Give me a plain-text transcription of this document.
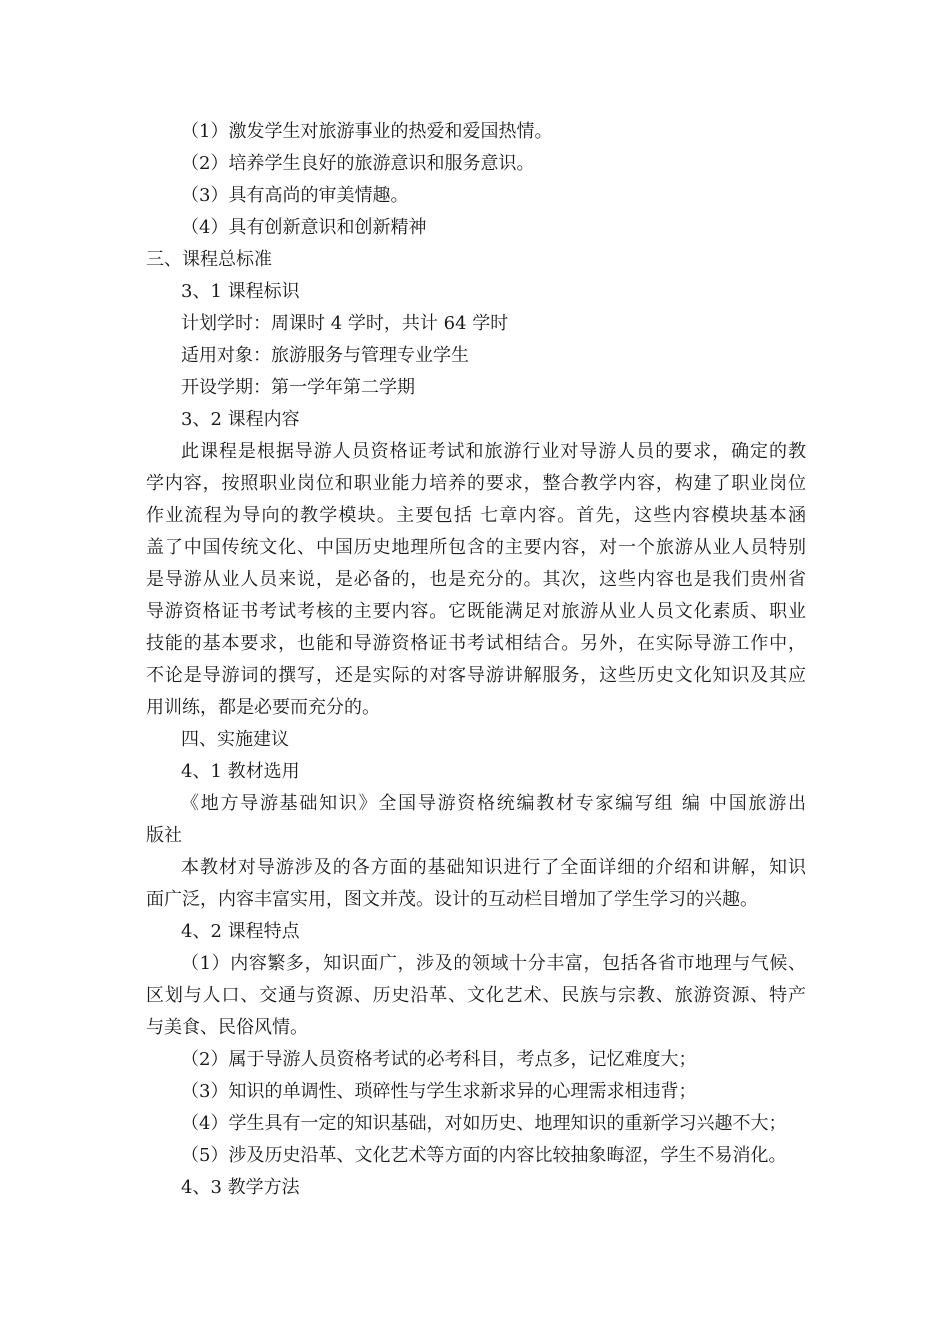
（1）激发学生对旅游事业的热爱和爱国热情。
（2）培养学生良好的旅游意识和服务意识。
（3）具有高尚的审美情趣。
（4）具有创新意识和创新精神
三、课程总标准
3、1 课程标识
计划学时：周课时 4 学时，共计 64 学时
适用对象：旅游服务与管理专业学生
开设学期：第一学年第二学期
3、2 课程内容
此课程是根据导游人员资格证考试和旅游行业对导游人员的要求，确定的教
学内容，按照职业岗位和职业能力培养的要求，整合教学内容，构建了职业岗位
作业流程为导向的教学模块。主要包括 七章内容。首先，这些内容模块基本涵
盖了中国传统文化、中国历史地理所包含的主要内容，对一个旅游从业人员特别
是导游从业人员来说，是必备的，也是充分的。其次，这些内容也是我们贵州省
导游资格证书考试考核的主要内容。它既能满足对旅游从业人员文化素质、职业
技能的基本要求，也能和导游资格证书考试相结合。另外，在实际导游工作中，
不论是导游词的撰写，还是实际的对客导游讲解服务，这些历史文化知识及其应
用训练，都是必要而充分的。
四、实施建议
4、1 教材选用
《地方导游基础知识》全国导游资格统编教材专家编写组 编 中国旅游出
版社
本教材对导游涉及的各方面的基础知识进行了全面详细的介绍和讲解，知识
面广泛，内容丰富实用，图文并茂。设计的互动栏目增加了学生学习的兴趣。
4、2 课程特点
（1）内容繁多，知识面广，涉及的领域十分丰富，包括各省市地理与气候、
区划与人口、交通与资源、历史沿革、文化艺术、民族与宗教、旅游资源、特产
与美食、民俗风情。
（2）属于导游人员资格考试的必考科目，考点多，记忆难度大；
（3）知识的单调性、琐碎性与学生求新求异的心理需求相违背；
（4）学生具有一定的知识基础，对如历史、地理知识的重新学习兴趣不大；
（5）涉及历史沿革、文化艺术等方面的内容比较抽象晦涩，学生不易消化。
4、3 教学方法
